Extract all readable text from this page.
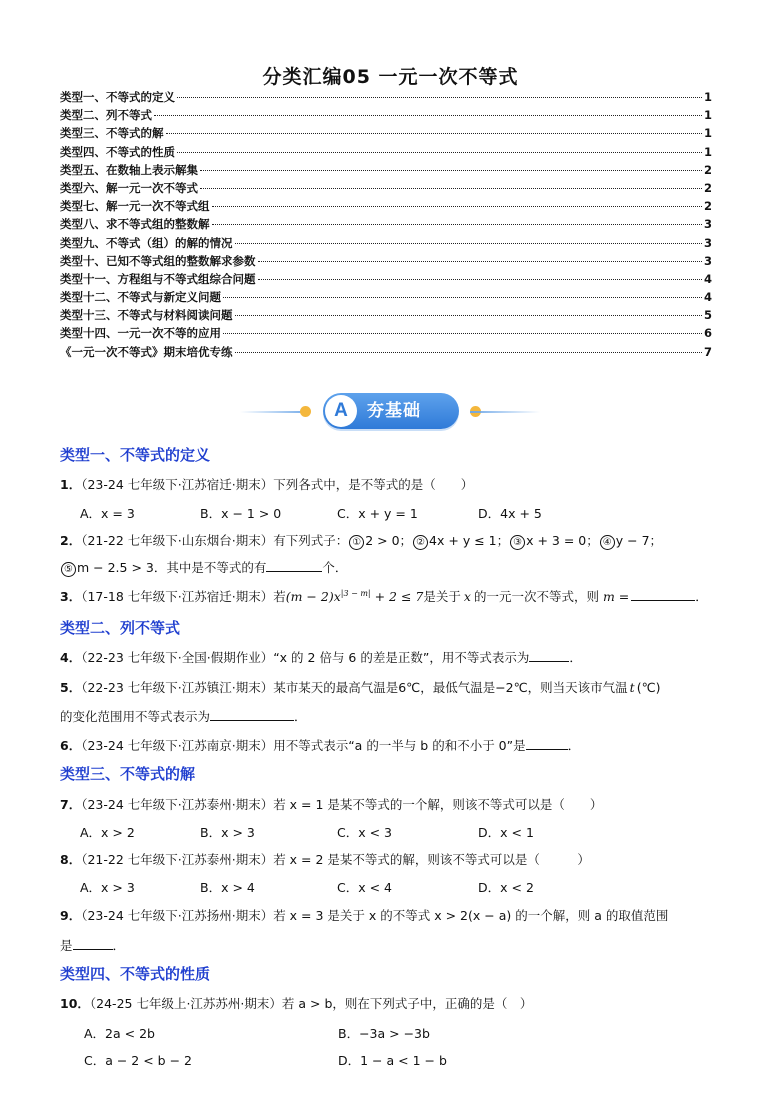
分类汇编05 一元一次不等式
类型一、不等式的定义	1
类型二、列不等式	1
类型三、不等式的解	1
类型四、不等式的性质	1
类型五、在数轴上表示解集	2
类型六、解一元一次不等式	2
类型七、解一元一次不等式组	2
类型八、求不等式组的整数解	3
类型九、不等式（组）的解的情况	3
类型十、已知不等式组的整数解求参数	3
类型十一、方程组与不等式组综合问题	4
类型十二、不等式与新定义问题	4
类型十三、不等式与材料阅读问题	5
类型十四、一元一次不等的应用	6
《一元一次不等式》期末培优专练	7
A	夯基础
类型一、不等式的定义
1．（23-24 七年级下·江苏宿迁·期末）下列各式中，是不等式的是（　　）
A．x = 3	B．x − 1 > 0	C．x + y = 1	D．4x + 5
2．（21-22 七年级下·山东烟台·期末）有下列式子： ① 2 > 0； ② 4x + y ≤ 1； ③ x + 3 = 0； ④ y − 7；
⑤ m − 2.5 > 3．其中是不等式的有	个．
3．（17-18 七年级下·江苏宿迁·期末）若$(m - 2)x^{|3 - m|} + 2 \le 7$是关于 x 的一元一次不等式，则 m =	．
类型二、列不等式
4．（22-23 七年级下·全国·假期作业）“x 的 2 倍与 6 的差是正数”，用不等式表示为	．
5．（22-23 七年级下·江苏镇江·期末）某市某天的最高气温是6℃，最低气温是−2℃，则当天该市气温 t (℃)
的变化范围用不等式表示为	．
6．（23-24 七年级下·江苏南京·期末）用不等式表示“a 的一半与 b 的和不小于 0”是	．
类型三、不等式的解
7．（23-24 七年级下·江苏泰州·期末）若 x = 1 是某不等式的一个解，则该不等式可以是（　　）
A．x > 2	B．x > 3	C．x < 3	D．x < 1
8．（21-22 七年级下·江苏泰州·期末）若 x = 2 是某不等式的解，则该不等式可以是（　　　）
A．x > 3	B．x > 4	C．x < 4	D．x < 2
9．（23-24 七年级下·江苏扬州·期末）若 x = 3 是关于 x 的不等式 x > 2(x − a) 的一个解，则 a 的取值范围
是	．
类型四、不等式的性质
10．（24-25 七年级上·江苏苏州·期末）若 a > b，则在下列式子中，正确的是（　）
A．2a < 2b	B．−3a > −3b
C．a − 2 < b − 2	D．1 − a < 1 − b
